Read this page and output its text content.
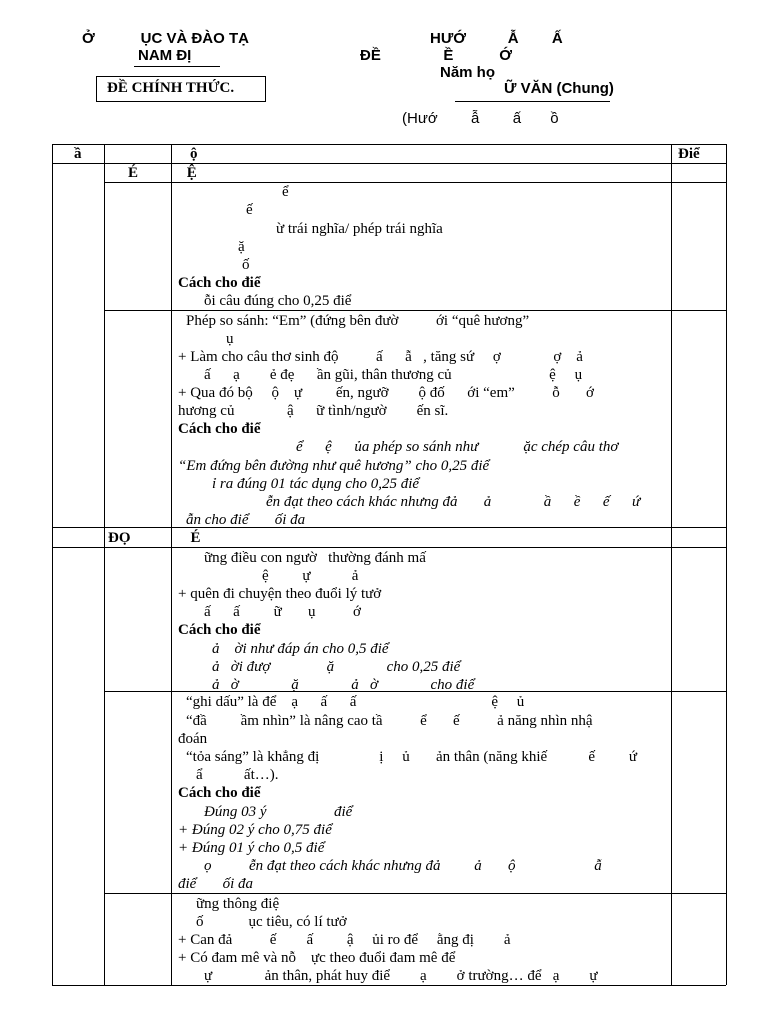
Ở           ỤC VÀ ĐÀO TẠ
NAM ĐỊ
ĐỀ CHÍNH THỨC.
HƯỚ          Ẫ        Ấ
ĐỀ               Ề           Ớ
Năm họ
Ữ VĂN (Chung)
(Hướ        ẫ        ấ       ồ
ầ	ộ	Điể
É             Ệ
ể
ế
ừ trái nghĩa/ phép trái nghĩa
ặ
ố
Cách cho điể
ỗi câu đúng cho 0,25 điể
Phép so sánh: “Em” (đứng bên đườ          ới “quê hương”
ụ
+ Làm cho câu thơ sinh độ          ấ      ẫ   , tăng sứ     ợ              ợ    ả
ấ      ạ        ẻ đẹ      ần gũi, thân thương củ                          ệ     ụ
+ Qua đó bộ     ộ    ự         ến, ngưỡ        ộ đố      ới “em”          ỗ       ớ
hương củ              ậ      ữ tình/ngườ        ến sĩ.
Cách cho điể
ể      ệ      ủa phép so sánh như            ặc chép câu thơ
“Em đứng bên đường như quê hương” cho 0,25 điể
ỉ ra đúng 01 tác dụng cho 0,25 điể
ễn đạt theo cách khác nhưng đả       ả              ầ      ề      ế      ứ
ẫn cho điể       ối đa
ĐỌ                É
ững điều con ngườ   thường đánh mấ
ệ         ự           ả
+ quên đi chuyện theo đuổi lý tưở
ấ      ấ         ữ       ụ          ớ
Cách cho điể
ả    ời như đáp án cho 0,5 điể
ả   ời đượ               ặ              cho 0,25 điể
ả   ờ              ặ              ả   ờ              cho điể
“ghi dấu” là để    ạ      ấ      ấ                                    ệ     ủ
“đầ         ầm nhìn” là nâng cao tầ          ể       ế          ả năng nhìn nhậ
đoán
“tỏa sáng” là khẳng đị                ị     ủ       ản thân (năng khiế           ế         ứ
ẩ           ất…).
Cách cho điể
Đúng 03 ý                  điể
+ Đúng 02 ý cho 0,75 điể
+ Đúng 01 ý cho 0,5 điể
ọ          ễn đạt theo cách khác nhưng đả         ả       ộ                     ẫ
điể       ối đa
ững thông điệ
ố            ục tiêu, có lí tưở
+ Can đả          ế        ấ         ậ     ủi ro để     ằng đị        ả
+ Có đam mê và nỗ    ực theo đuổi đam mê để
ự              ản thân, phát huy điể        ạ        ở trường… để   ạ        ự
